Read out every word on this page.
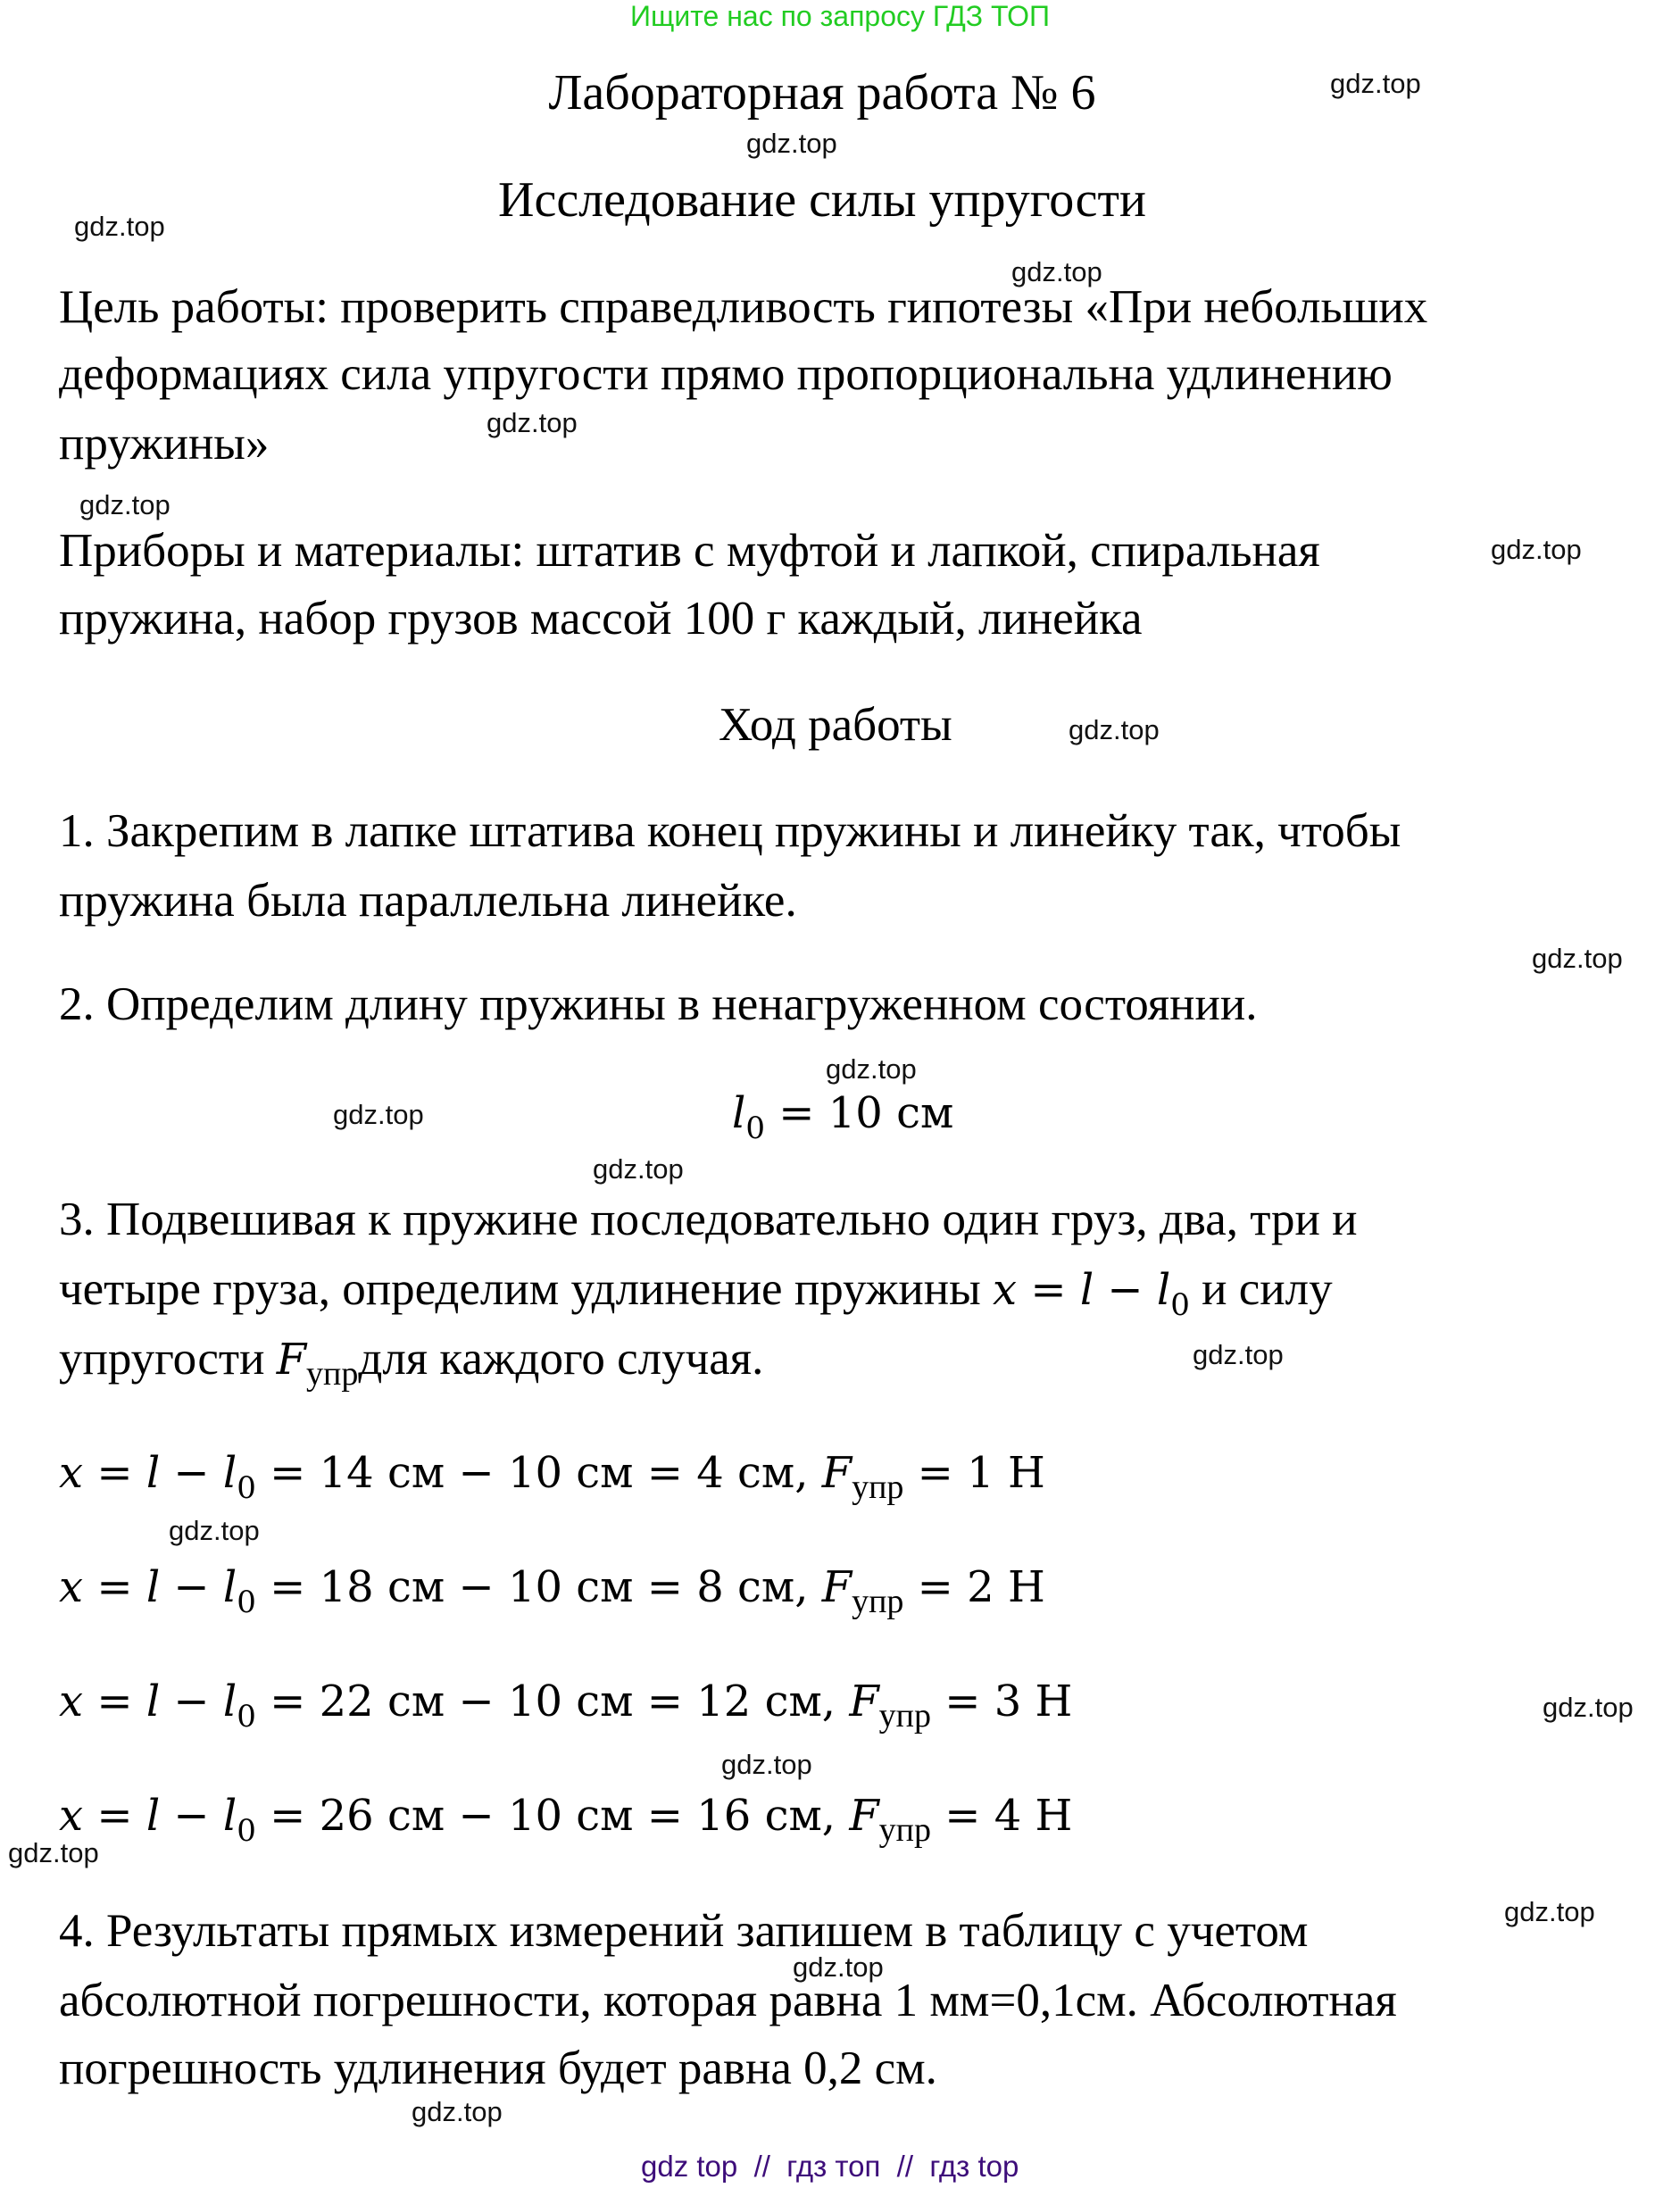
Ищите нас по запросу ГДЗ ТОП
Лабораторная работа № 6
Исследование силы упругости
Цель работы: проверить справедливость гипотезы «При небольших
деформациях сила упругости прямо пропорциональна удлинению
пружины»
Приборы и материалы: штатив с муфтой и лапкой, спиральная
пружина, набор грузов массой 100 г каждый, линейка
Ход работы
1. Закрепим в лапке штатива конец пружины и линейку так, чтобы
пружина была параллельна линейке.
2. Определим длину пружины в ненагруженном состоянии.
$l_0 = 10$ см
3. Подвешивая к пружине последовательно один груз, два, три и
четыре груза, определим удлинение пружины $x = l - l_0$ и силу
упругости $F_{упр}для$ каждого случая.
$x = l - l_0 = 14$ см − 10 см = 4 см, $F_{упр} = 1$ Н
$x = l - l_0 = 18$ см − 10 см = 8 см, $F_{упр} = 2$ Н
$x = l - l_0 = 22$ см − 10 см = 12 см, $F_{упр} = 3$ Н
$x = l - l_0 = 26$ см − 10 см = 16 см, $F_{упр} = 4$ Н
4. Результаты прямых измерений запишем в таблицу с учетом
абсолютной погрешности, которая равна 1 мм=0,1см. Абсолютная
погрешность удлинения будет равна 0,2 см.
gdz.top
gdz.top
gdz.top
gdz.top
gdz.top
gdz.top
gdz.top
gdz.top
gdz.top
gdz.top
gdz.top
gdz.top
gdz.top
gdz.top
gdz.top
gdz.top
gdz.top
gdz.top
gdz.top
gdz.top
gdz top  //  гдз топ  //  гдз top
